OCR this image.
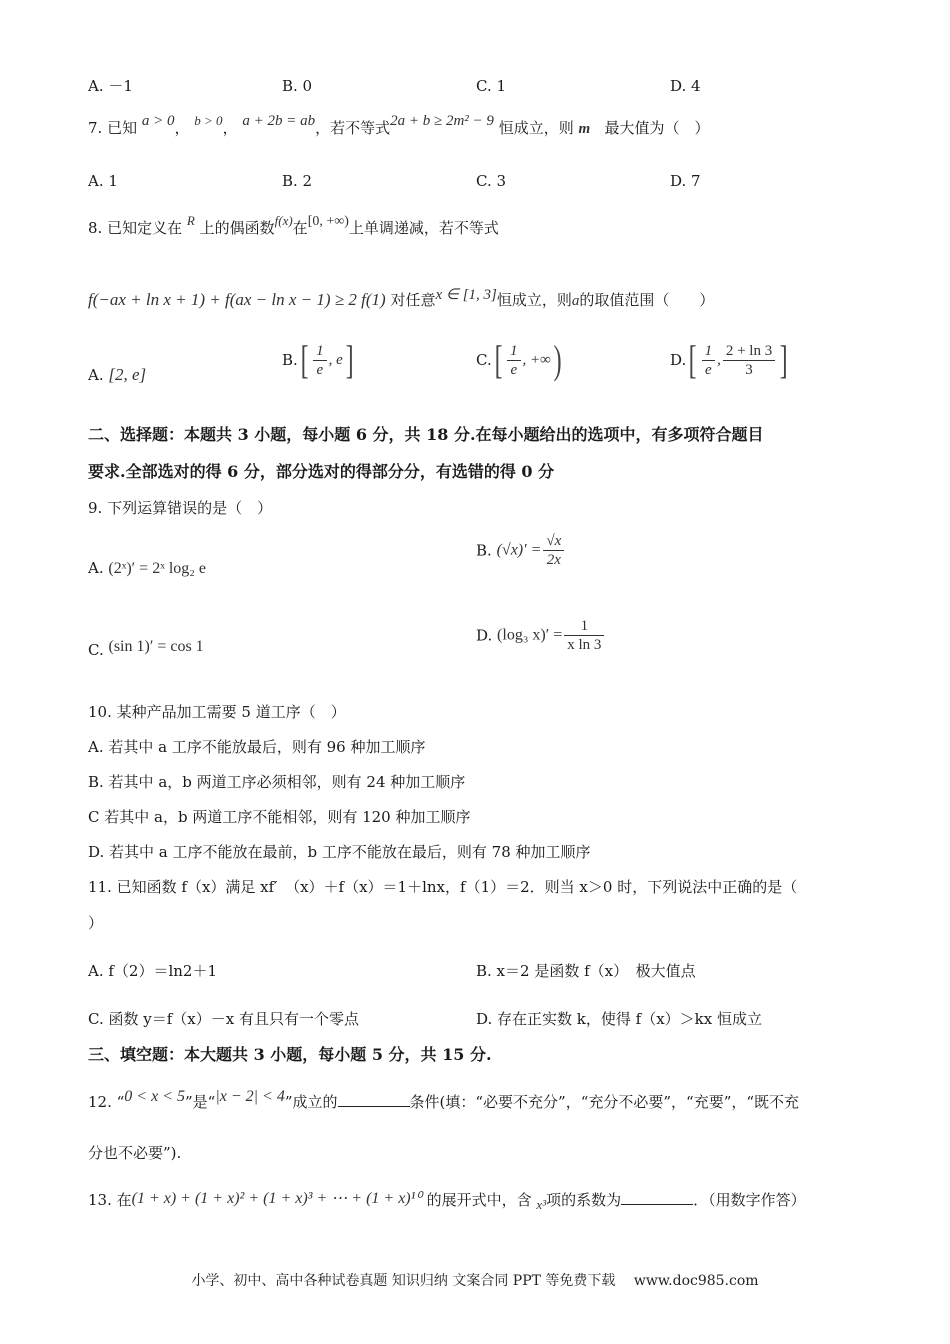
A. －1	B. 0	C. 1	D. 4
7. 已知 a > 0， b > 0， a + 2b = ab，若不等式2a + b ≥ 2m² − 9 恒成立，则 m 最大值为（　）
A. 1	B. 2	C. 3	D. 7
8. 已知定义在 R 上的偶函数f(x)在[0, +∞)上单调递减，若不等式
f(−ax + ln x + 1) + f(ax − ln x − 1) ≥ 2 f(1) 对任意x ∈ [1, 3]恒成立，则a的取值范围（　　）
A. [2, e]
$B.[ \frac{1}{e}$ , e]	$C.[ \frac{1}{e}$ , +∞)	$D.[ \frac{1}{e}$ , $\frac{2 + \ln 3}{3}$ ]
二、选择题：本题共 3 小题，每小题 6 分，共 18 分.在每小题给出的选项中，有多项符合题目
要求.全部选对的得 6 分，部分选对的得部分分，有选错的得 0 分
9. 下列运算错误的是（　）
A. (2ˣ)′ = 2ˣ log₂ e
B. $(√x)' = \frac{√x}{2x}$
C. (sin 1)′ = cos 1
D. (log₃ $x)' = \frac{1}{\text{x ln 3}}$
10. 某种产品加工需要 5 道工序（　）
A. 若其中 a 工序不能放最后，则有 96 种加工顺序
B. 若其中 a，b 两道工序必须相邻，则有 24 种加工顺序
C 若其中 a，b 两道工序不能相邻，则有 120 种加工顺序
D. 若其中 a 工序不能放在最前，b 工序不能放在最后，则有 78 种加工顺序
11. 已知函数 f（x）满足 xf′　（x）＋f（x）＝1＋lnx，f（1）＝2．则当 x＞0 时，下列说法中正确的是（
）
A. f（2）＝ln2＋1	B. x＝2 是函数 f（x）　极大值点
C. 函数 y＝f（x）－x 有且只有一个零点	D. 存在正实数 k，使得 f（x）＞kx 恒成立
三、填空题：本大题共 3 小题，每小题 5 分，共 15 分.
12. “0 < x < 5”是“|x − 2| < 4”成立的	条件(填：“必要不充分”，“充分不必要”，“充要”，“既不充
分也不必要”).
13. 在(1 + x) + (1 + x)² + (1 + x)³ + ⋯ + (1 + x)¹⁰ 的展开式中，含 x³项的系数为	．（用数字作答）
小学、初中、高中各种试卷真题 知识归纳 文案合同 PPT 等免费下载　 www.doc985.com
